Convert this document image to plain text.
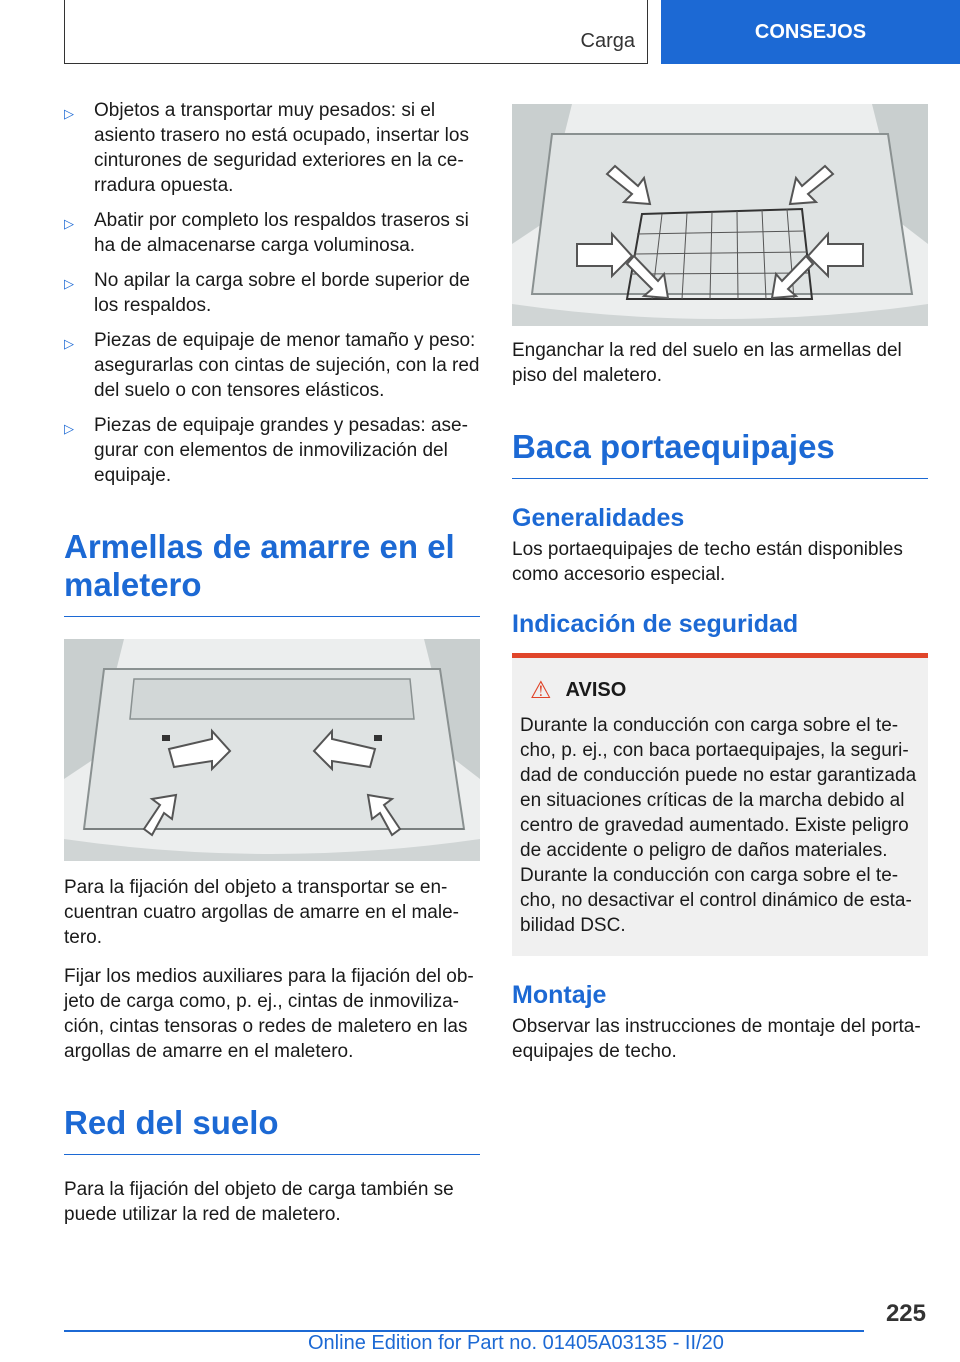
Carga	CONSEJOS
▷	Objetos a transportar muy pesados: si el asiento trasero no está ocupado, insertar los cinturones de seguridad exteriores en la ce-rradura opuesta.
▷	Abatir por completo los respaldos traseros si ha de almacenarse carga voluminosa.
▷	No apilar la carga sobre el borde superior de los respaldos.
▷	Piezas de equipaje de menor tamaño y peso: asegurarlas con cintas de sujeción, con la red del suelo o con tensores elásticos.
▷	Piezas de equipaje grandes y pesadas: ase-gurar con elementos de inmovilización del equipaje.
Armellas de amarre en el maletero

Para la fijación del objeto a transportar se en-cuentran cuatro argollas de amarre en el male-tero.

Fijar los medios auxiliares para la fijación del ob-jeto de carga como, p. ej., cintas de inmoviliza-ción, cintas tensoras o redes de maletero en las argollas de amarre en el maletero.

Red del suelo

Para la fijación del objeto de carga también se puede utilizar la red de maletero.

Enganchar la red del suelo en las armellas del piso del maletero.

Baca portaequipajes
Generalidades

Los portaequipajes de techo están disponibles como accesorio especial.

Indicación de seguridad
⚠ AVISO

Durante la conducción con carga sobre el te-cho, p. ej., con baca portaequipajes, la seguri-dad de conducción puede no estar garantizada en situaciones críticas de la marcha debido al centro de gravedad aumentado. Existe peligro de accidente o peligro de daños materiales. Durante la conducción con carga sobre el te-cho, no desactivar el control dinámico de esta-bilidad DSC.

Montaje

Observar las instrucciones de montaje del porta-equipajes de techo.

225
Online Edition for Part no. 01405A03135 - II/20
